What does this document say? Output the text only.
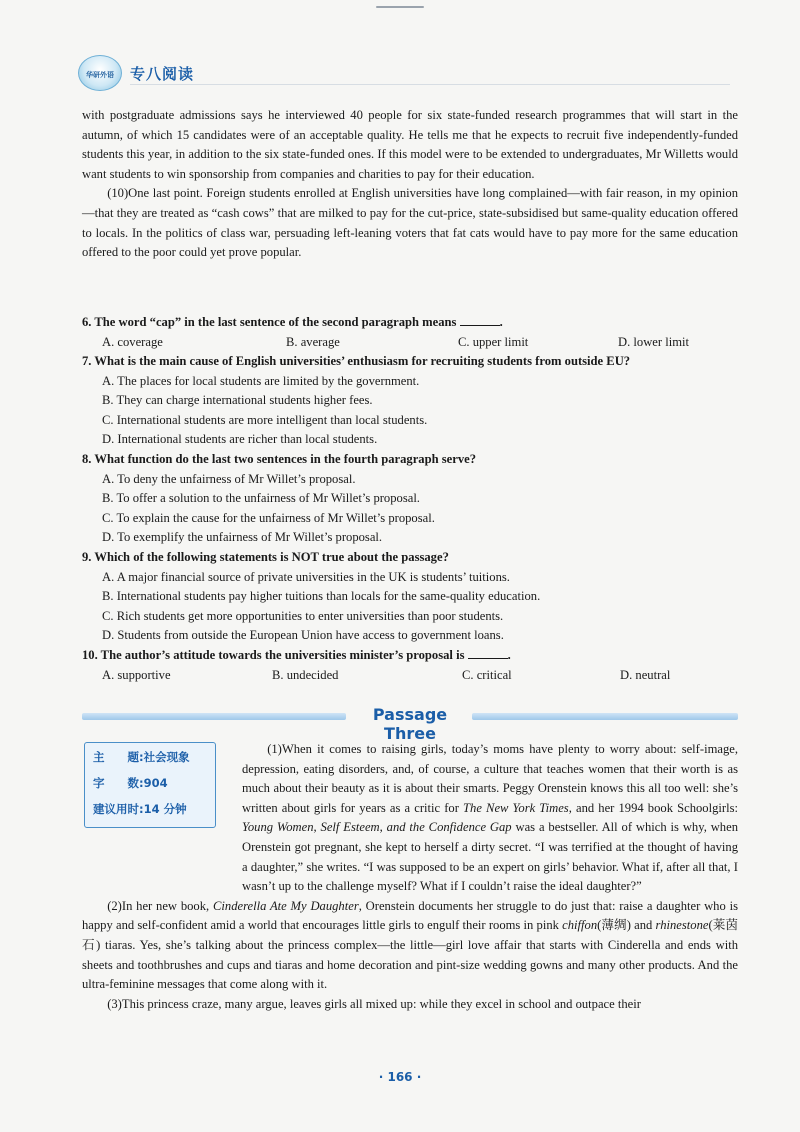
华研外语 专八阅读

with postgraduate admissions says he interviewed 40 people for six state-funded research programmes that will start in the autumn, of which 15 candidates were of an acceptable quality. He tells me that he expects to recruit five independently-funded students this year, in addition to the six state-funded ones. If this model were to be extended to undergraduates, Mr Willetts would want students to win sponsorship from companies and charities to pay for their education.

(10)One last point. Foreign students enrolled at English universities have long complained—with fair reason, in my opinion—that they are treated as “cash cows” that are milked to pay for the cut-price, state-subsidised but same-quality education offered to locals. In the politics of class war, persuading left-leaning voters that fat cats would have to pay more for the same education offered to the poor could yet prove popular.

6. The word “cap” in the last sentence of the second paragraph means	.
A. coverage	B. average	C. upper limit	D. lower limit
7. What is the main cause of English universities’ enthusiasm for recruiting students from outside EU?
A. The places for local students are limited by the government.
B. They can charge international students higher fees.
C. International students are more intelligent than local students.
D. International students are richer than local students.
8. What function do the last two sentences in the fourth paragraph serve?
A. To deny the unfairness of Mr Willet’s proposal.
B. To offer a solution to the unfairness of Mr Willet’s proposal.
C. To explain the cause for the unfairness of Mr Willet’s proposal.
D. To exemplify the unfairness of Mr Willet’s proposal.
9. Which of the following statements is NOT true about the passage?
A. A major financial source of private universities in the UK is students’ tuitions.
B. International students pay higher tuitions than locals for the same-quality education.
C. Rich students get more opportunities to enter universities than poor students.
D. Students from outside the European Union have access to government loans.
10. The author’s attitude towards the universities minister’s proposal is	.
A. supportive	B. undecided	C. critical	D. neutral
Passage Three
主　　题:社会现象
字　　数:904
建议用时:14 分钟

(1)When it comes to raising girls, today’s moms have plenty to worry about: self-image, depression, eating disorders, and, of course, a culture that teaches women that their worth is as much about their beauty as it is about their smarts. Peggy Orenstein knows this all too well: she’s written about girls for years as a critic for The New York Times, and her 1994 book Schoolgirls: Young Women, Self Esteem, and the Confidence Gap was a bestseller. All of which is why, when Orenstein got pregnant, she kept to herself a dirty secret. “I was terrified at the thought of having a daughter,” she writes. “I was supposed to be an expert on girls’ behavior. What if, after all that, I wasn’t up to the challenge myself? What if I couldn’t raise the ideal daughter?”

(2)In her new book, Cinderella Ate My Daughter, Orenstein documents her struggle to do just that: raise a daughter who is happy and self-confident amid a world that encourages little girls to engulf their rooms in pink chiffon(薄绸) and rhinestone(莱茵石) tiaras. Yes, she’s talking about the princess complex—the little—girl love affair that starts with Cinderella and ends with sheets and toothbrushes and cups and tiaras and home decoration and pint-size wedding gowns and many other products. And the ultra-feminine messages that come along with it.

(3)This princess craze, many argue, leaves girls all mixed up: while they excel in school and outpace their

· 166 ·
